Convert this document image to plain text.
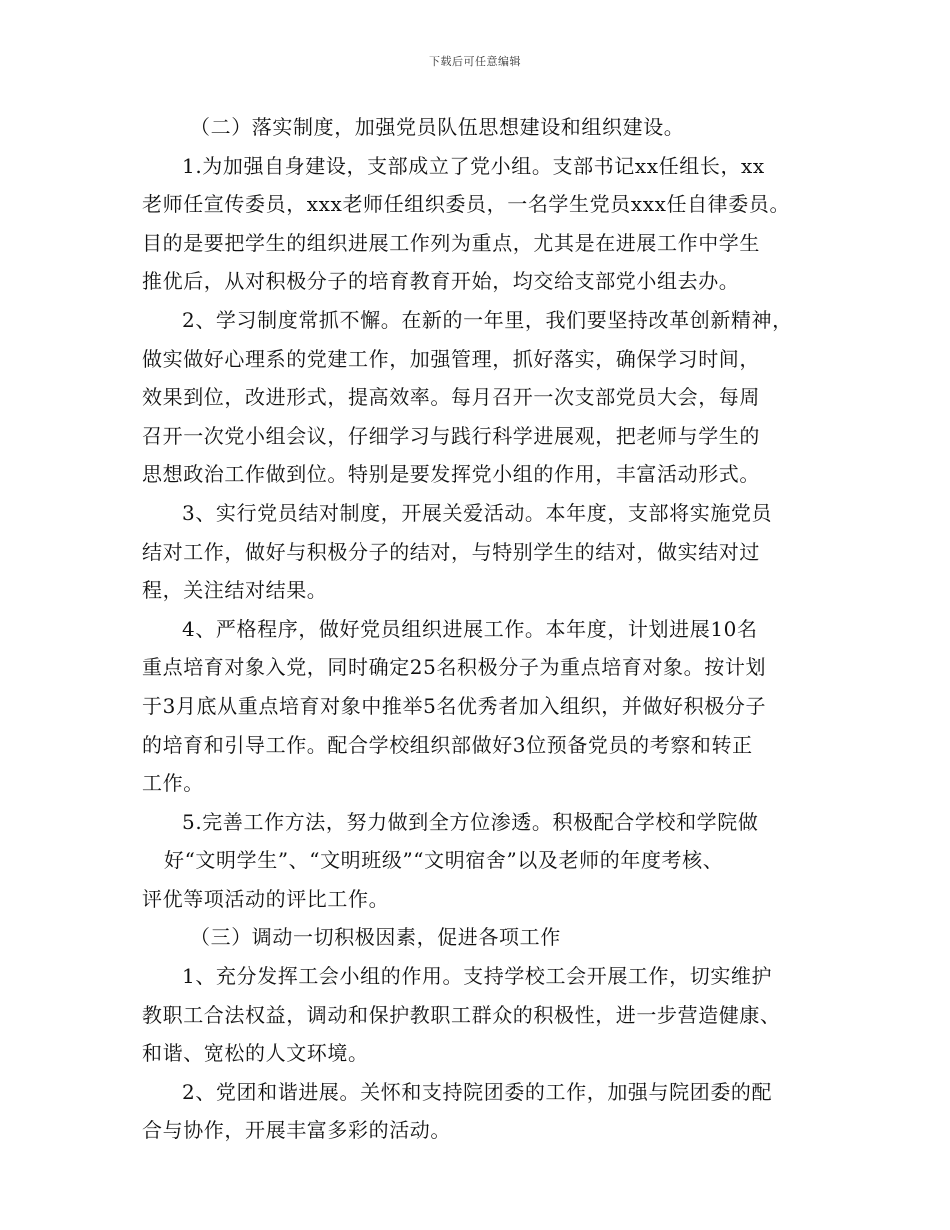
下载后可任意编辑
（二）落实制度，加强党员队伍思想建设和组织建设。
1.为加强自身建设，支部成立了党小组。支部书记xx任组长，xx
老师任宣传委员，xxx老师任组织委员，一名学生党员xxx任自律委员。
目的是要把学生的组织进展工作列为重点，尤其是在进展工作中学生
推优后，从对积极分子的培育教育开始，均交给支部党小组去办。
2、学习制度常抓不懈。在新的一年里，我们要坚持改革创新精神，
做实做好心理系的党建工作，加强管理，抓好落实，确保学习时间，
效果到位，改进形式，提高效率。每月召开一次支部党员大会，每周
召开一次党小组会议，仔细学习与践行科学进展观，把老师与学生的
思想政治工作做到位。特别是要发挥党小组的作用，丰富活动形式。
3、实行党员结对制度，开展关爱活动。本年度，支部将实施党员
结对工作，做好与积极分子的结对，与特别学生的结对，做实结对过
程，关注结对结果。
4、严格程序，做好党员组织进展工作。本年度，计划进展10名
重点培育对象入党，同时确定25名积极分子为重点培育对象。按计划
于3月底从重点培育对象中推举5名优秀者加入组织，并做好积极分子
的培育和引导工作。配合学校组织部做好3位预备党员的考察和转正
工作。
5.完善工作方法，努力做到全方位渗透。积极配合学校和学院做
好“文明学生”、“文明班级”“文明宿舍”以及老师的年度考核、
评优等项活动的评比工作。
（三）调动一切积极因素，促进各项工作
1、充分发挥工会小组的作用。支持学校工会开展工作，切实维护
教职工合法权益，调动和保护教职工群众的积极性，进一步营造健康、
和谐、宽松的人文环境。
2、党团和谐进展。关怀和支持院团委的工作，加强与院团委的配
合与协作，开展丰富多彩的活动。
